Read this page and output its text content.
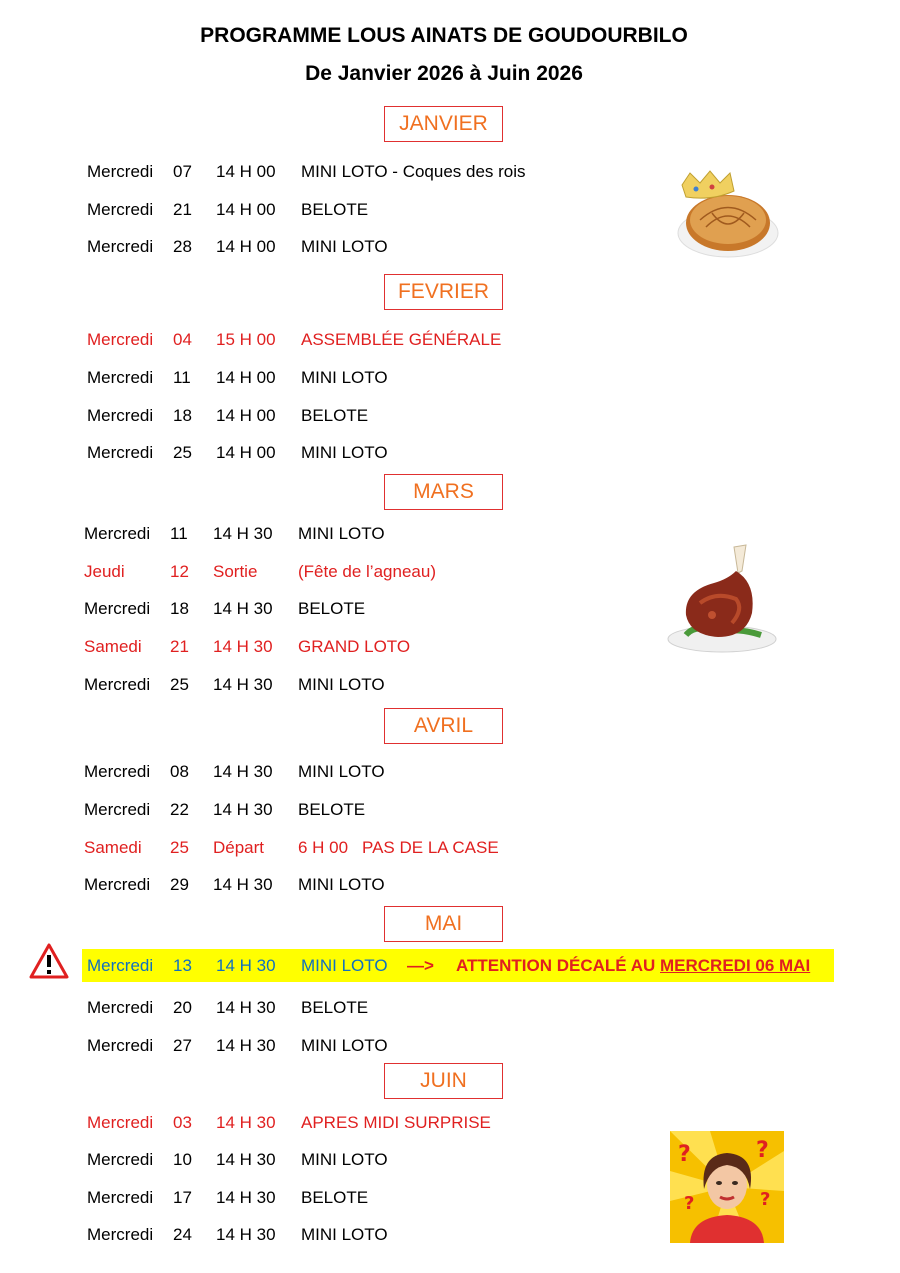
PROGRAMME LOUS AINATS DE GOUDOURBILO
De Janvier 2026 à Juin 2026
JANVIER
Mercredi 07 14 H 00 MINI LOTO - Coques des rois
Mercredi 21 14 H 00 BELOTE
Mercredi 28 14 H 00 MINI LOTO
FEVRIER
Mercredi 04 15 H 00 ASSEMBLÉE GÉNÉRALE
Mercredi 11 14 H 00 MINI LOTO
Mercredi 18 14 H 00 BELOTE
Mercredi 25 14 H 00 MINI LOTO
MARS
Mercredi 11 14 H 30 MINI LOTO
Jeudi	12 Sortie (Fête de l’agneau)
Mercredi 18 14 H 30 BELOTE
Samedi 21 14 H 30 GRAND LOTO
Mercredi 25 14 H 30 MINI LOTO
AVRIL
Mercredi 08 14 H 30 MINI LOTO
Mercredi 22 14 H 30 BELOTE
Samedi 25 Départ 6 H 00 PAS DE LA CASE
Mercredi 29 14 H 30 MINI LOTO
MAI
Mercredi 13 14 H 30 MINI LOTO —> ATTENTION DÉCALÉ AU MERCREDI 06 MAI
Mercredi 20 14 H 30 BELOTE
Mercredi 27 14 H 30 MINI LOTO
JUIN
Mercredi 03 14 H 30 APRES MIDI SURPRISE
Mercredi 10 14 H 30 MINI LOTO
Mercredi 17 14 H 30 BELOTE
Mercredi 24 14 H 30 MINI LOTO
?	?
?	?
